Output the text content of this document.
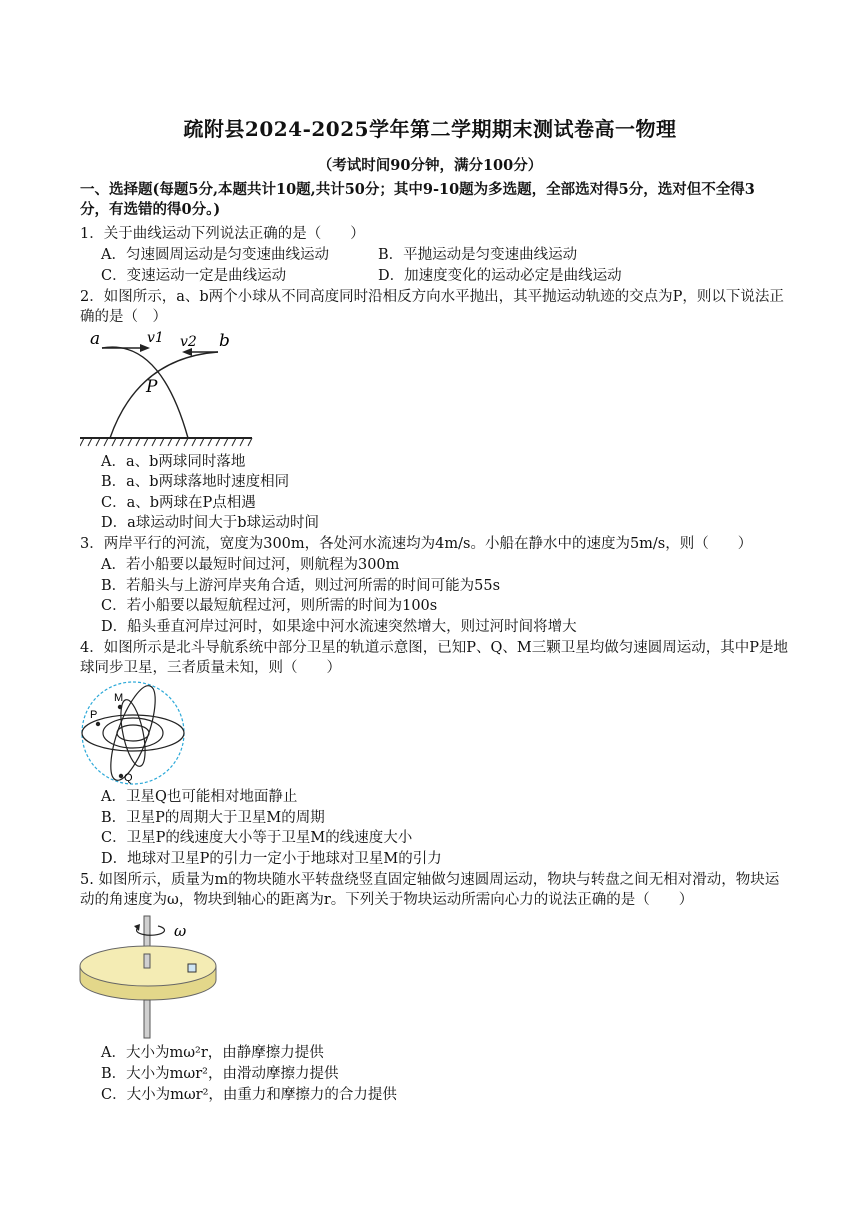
疏附县2024-2025学年第二学期期末测试卷高一物理
（考试时间90分钟，满分100分）
一、选择题(每题5分,本题共计10题,共计50分；其中9-10题为多选题，全部选对得5分，选对但不全得3分，有选错的得0分。)
1．关于曲线运动下列说法正确的是（　　）
A．匀速圆周运动是匀变速曲线运动	B．平抛运动是匀变速曲线运动
C．变速运动一定是曲线运动	D．加速度变化的运动必定是曲线运动
2．如图所示，a、b两个小球从不同高度同时沿相反方向水平抛出，其平抛运动轨迹的交点为P，则以下说法正确的是（　）
a	v1 v2 b
P
A．a、b两球同时落地
B．a、b两球落地时速度相同
C．a、b两球在P点相遇
D．a球运动时间大于b球运动时间
3．两岸平行的河流，宽度为300m，各处河水流速均为4m/s。小船在静水中的速度为5m/s，则（　　）
A．若小船要以最短时间过河，则航程为300m
B．若船头与上游河岸夹角合适，则过河所需的时间可能为55s
C．若小船要以最短航程过河，则所需的时间为100s
D．船头垂直河岸过河时，如果途中河水流速突然增大，则过河时间将增大
4．如图所示是北斗导航系统中部分卫星的轨道示意图，已知P、Q、M三颗卫星均做匀速圆周运动，其中P是地球同步卫星，三者质量未知，则（　　）
M
P
Q
A．卫星Q也可能相对地面静止
B．卫星P的周期大于卫星M的周期
C．卫星P的线速度大小等于卫星M的线速度大小
D．地球对卫星P的引力一定小于地球对卫星M的引力
5. 如图所示，质量为m的物块随水平转盘绕竖直固定轴做匀速圆周运动，物块与转盘之间无相对滑动，物块运动的角速度为ω，物块到轴心的距离为r。下列关于物块运动所需向心力的说法正确的是（　　）
ω
A．大小为mω²r，由静摩擦力提供
B．大小为mωr²，由滑动摩擦力提供
C．大小为mωr²，由重力和摩擦力的合力提供
